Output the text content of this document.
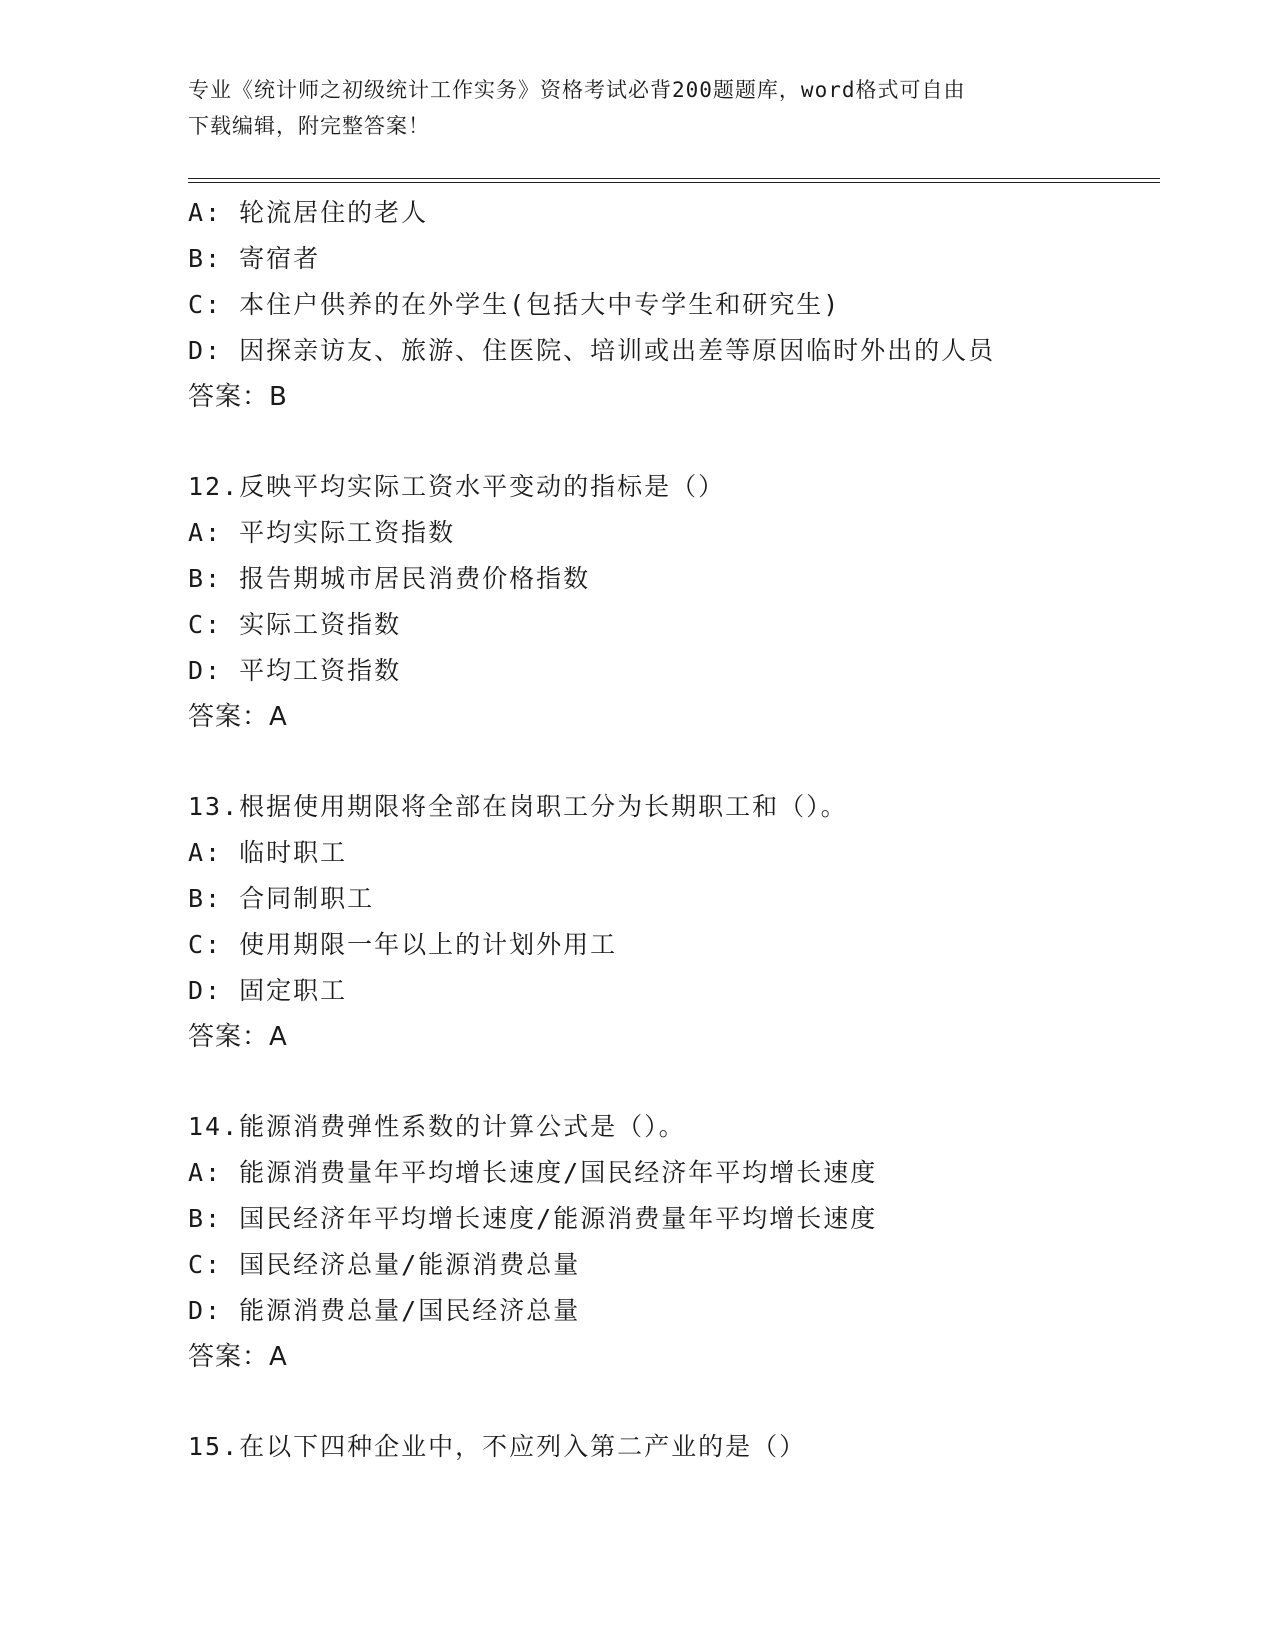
专业《统计师之初级统计工作实务》资格考试必背200题题库，word格式可自由
下载编辑，附完整答案！
A: 轮流居住的老人
B: 寄宿者
C: 本住户供养的在外学生(包括大中专学生和研究生)
D: 因探亲访友、旅游、住医院、培训或出差等原因临时外出的人员
答案：B
12.反映平均实际工资水平变动的指标是（）
A: 平均实际工资指数
B: 报告期城市居民消费价格指数
C: 实际工资指数
D: 平均工资指数
答案：A
13.根据使用期限将全部在岗职工分为长期职工和（）。
A: 临时职工
B: 合同制职工
C: 使用期限一年以上的计划外用工
D: 固定职工
答案：A
14.能源消费弹性系数的计算公式是（）。
A: 能源消费量年平均增长速度/国民经济年平均增长速度
B: 国民经济年平均增长速度/能源消费量年平均增长速度
C: 国民经济总量/能源消费总量
D: 能源消费总量/国民经济总量
答案：A
15.在以下四种企业中，不应列入第二产业的是（）
